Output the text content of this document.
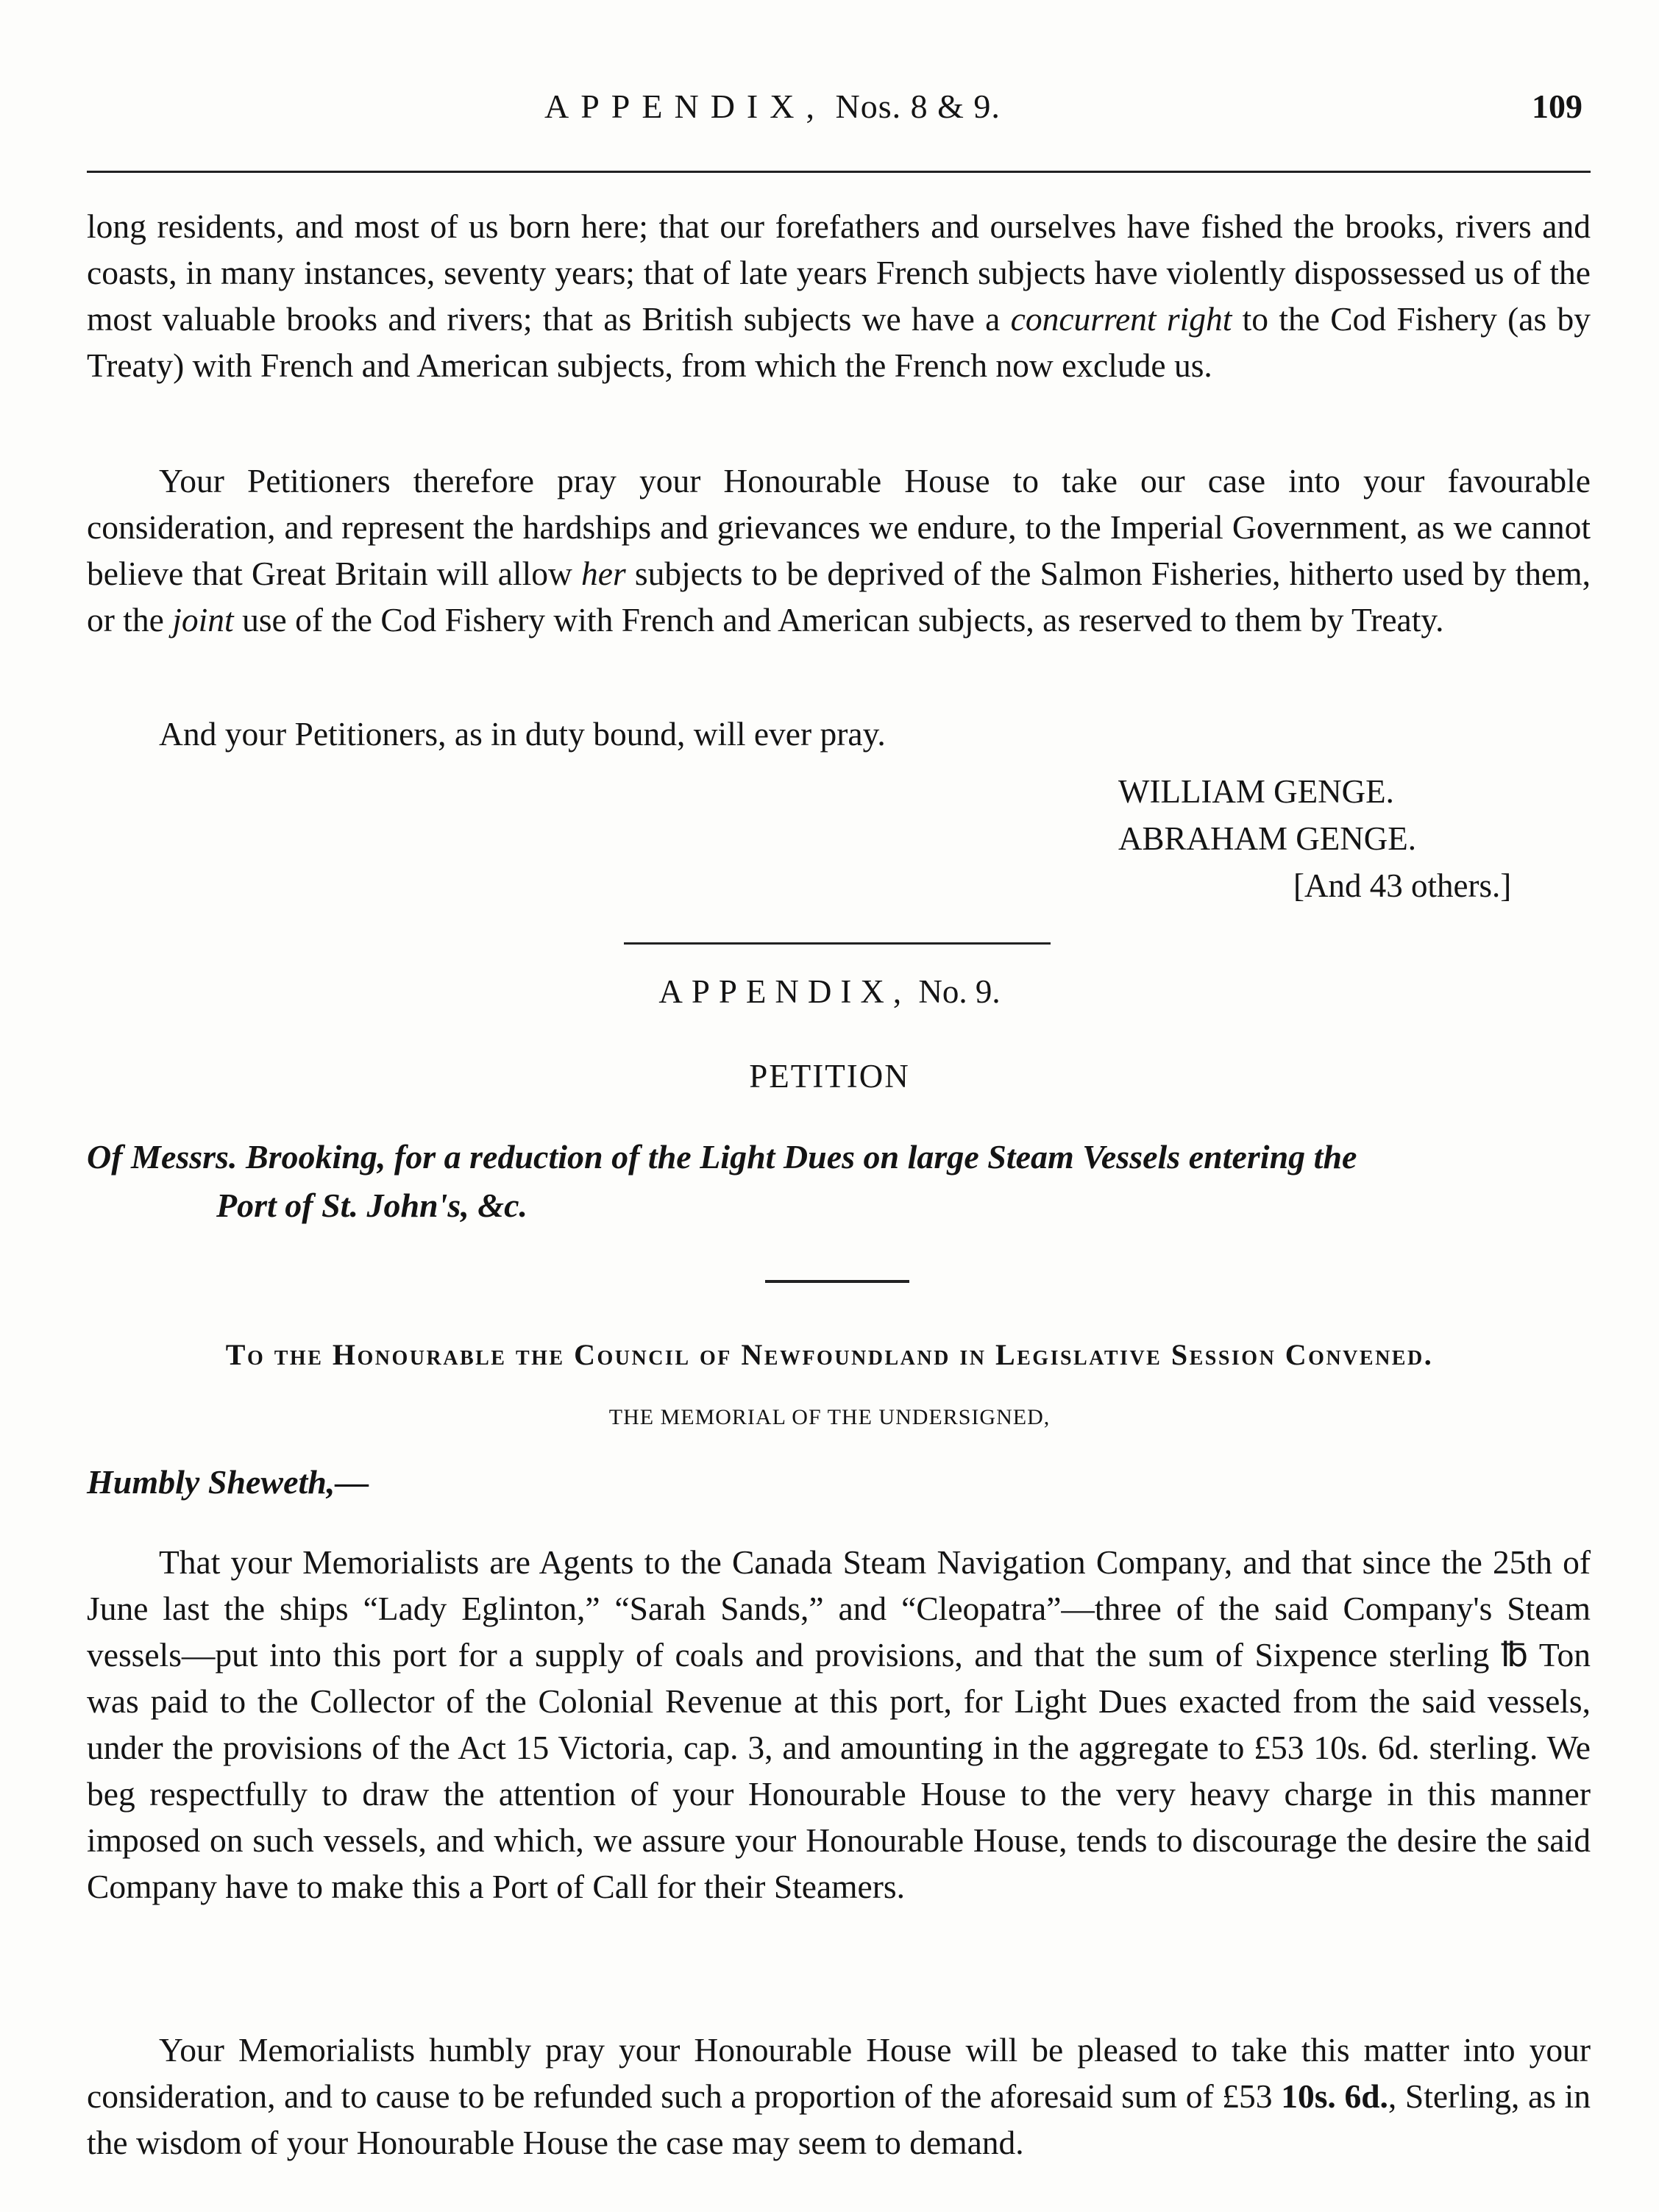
APPENDIX, Nos. 8 & 9.	109

long residents, and most of us born here; that our forefathers and ourselves have fished the brooks, rivers and coasts, in many instances, seventy years; that of late years French subjects have violently dispossessed us of the most valuable brooks and rivers; that as British subjects we have a concurrent right to the Cod Fishery (as by Treaty) with French and American subjects, from which the French now exclude us.

Your Petitioners therefore pray your Honourable House to take our case into your favourable consideration, and represent the hardships and grievances we endure, to the Imperial Government, as we cannot believe that Great Britain will allow her subjects to be deprived of the Salmon Fisheries, hitherto used by them, or the joint use of the Cod Fishery with French and American subjects, as reserved to them by Treaty.

And your Petitioners, as in duty bound, will ever pray.

WILLIAM GENGE.
ABRAHAM GENGE.
[And 43 others.]
APPENDIX, No. 9.
PETITION
Of Messrs. Brooking, for a reduction of the Light Dues on large Steam Vessels entering the
Port of St. John's, &c.
To the Honourable the Council of Newfoundland in Legislative Session Convened.
THE MEMORIAL OF THE UNDERSIGNED,
Humbly Sheweth,—

That your Memorialists are Agents to the Canada Steam Navigation Company, and that since the 25th of June last the ships “Lady Eglinton,” “Sarah Sands,” and “Cleopatra”—three of the said Company's Steam vessels—put into this port for a supply of coals and provisions, and that the sum of Sixpence sterling ℔ Ton was paid to the Collector of the Colonial Revenue at this port, for Light Dues exacted from the said vessels, under the provisions of the Act 15 Victoria, cap. 3, and amounting in the aggregate to £53 10s. 6d. sterling. We beg respectfully to draw the attention of your Honourable House to the very heavy charge in this manner imposed on such vessels, and which, we assure your Honourable House, tends to discourage the desire the said Company have to make this a Port of Call for their Steamers.

Your Memorialists humbly pray your Honourable House will be pleased to take this matter into your consideration, and to cause to be refunded such a proportion of the aforesaid sum of £53 10s. 6d., Sterling, as in the wisdom of your Honourable House the case may seem to demand.
